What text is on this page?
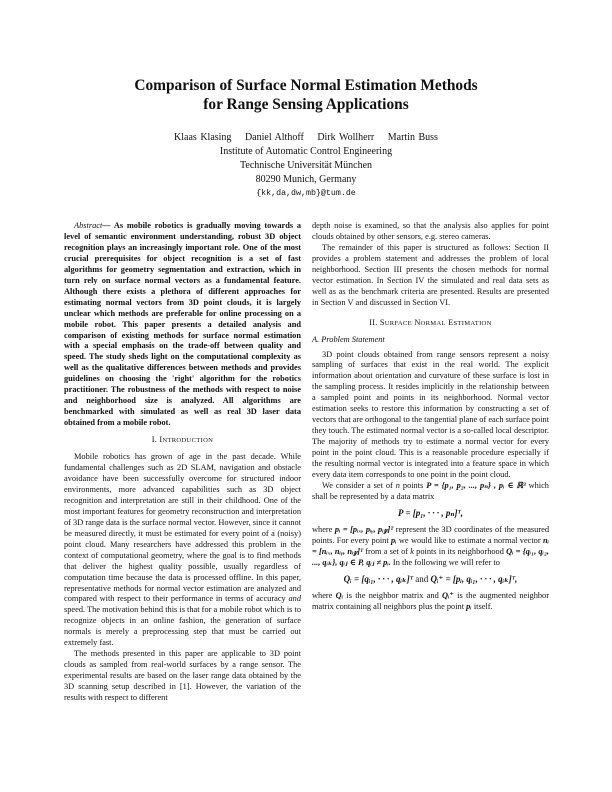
Comparison of Surface Normal Estimation Methods
for Range Sensing Applications
Klaas Klasing Daniel Althoff Dirk Wollherr Martin Buss
Institute of Automatic Control Engineering
Technische Universität München
80290 Munich, Germany
{kk,da,dw,mb}@tum.de

Abstract— As mobile robotics is gradually moving towards a level of semantic environment understanding, robust 3D object recognition plays an increasingly important role. One of the most crucial prerequisites for object recognition is a set of fast algorithms for geometry segmentation and extraction, which in turn rely on surface normal vectors as a fundamental feature. Although there exists a plethora of different approaches for estimating normal vectors from 3D point clouds, it is largely unclear which methods are preferable for online processing on a mobile robot. This paper presents a detailed analysis and comparison of existing methods for surface normal estimation with a special emphasis on the trade-off between quality and speed. The study sheds light on the computational complexity as well as the qualitative differences between methods and provides guidelines on choosing the 'right' algorithm for the robotics practitioner. The robustness of the methods with respect to noise and neighborhood size is analyzed. All algorithms are benchmarked with simulated as well as real 3D laser data obtained from a mobile robot.

I. INTRODUCTION

Mobile robotics has grown of age in the past decade. While fundamental challenges such as 2D SLAM, navigation and obstacle avoidance have been successfully overcome for structured indoor environments, more advanced capabilities such as 3D object recognition and interpretation are still in their childhood. One of the most important features for geometry reconstruction and interpretation of 3D range data is the surface normal vector. However, since it cannot be measured directly, it must be estimated for every point of a (noisy) point cloud. Many researchers have addressed this problem in the context of computational geometry, where the goal is to find methods that deliver the highest quality possible, usually regardless of computation time because the data is processed offline. In this paper, representative methods for normal vector estimation are analyzed and compared with respect to their performance in terms of accuracy and speed. The motivation behind this is that for a mobile robot which is to recognize objects in an online fashion, the generation of surface normals is merely a preprocessing step that must be carried out extremely fast.

The methods presented in this paper are applicable to 3D point clouds as sampled from real-world surfaces by a range sensor. The experimental results are based on the laser range data obtained by the 3D scanning setup described in [1]. However, the variation of the results with respect to different

depth noise is examined, so that the analysis also applies for point clouds obtained by other sensors, e.g. stereo cameras.

The remainder of this paper is structured as follows: Section II provides a problem statement and addresses the problem of local neighborhood. Section III presents the chosen methods for normal vector estimation. In Section IV the simulated and real data sets as well as as the benchmark criteria are presented. Results are presented in Section V and discussed in Section VI.

II. SURFACE NORMAL ESTIMATION
A. Problem Statement

3D point clouds obtained from range sensors represent a noisy sampling of surfaces that exist in the real world. The explicit information about orientation and curvature of these surface is lost in the sampling process. It resides implicitly in the relationship between a sampled point and points in its neighborhood. Normal vector estimation seeks to restore this information by constructing a set of vectors that are orthogonal to the tangential plane of each surface point they touch. The estimated normal vector is a so-called local descriptor. The majority of methods try to estimate a normal vector for every point in the point cloud. This is a reasonable procedure especially if the resulting normal vector is integrated into a feature space in which every data item corresponds to one point in the point cloud.

We consider a set of n points P = {p₁, p₂, ..., pₙ} , pᵢ ∈ ℝ³ which shall be represented by a data matrix

P = [p₁, · · · , pₙ]ᵀ,

where pᵢ = [pᵢₓ, pᵢᵧ, pᵢ𝓏]ᵀ represent the 3D coordinates of the measured points. For every point pᵢ we would like to estimate a normal vector nᵢ = [nᵢₓ, nᵢᵧ, nᵢ𝓏]ᵀ from a set of k points in its neighborhood Qᵢ = {qᵢ₁, qᵢ₂, ..., qᵢₖ}, qᵢⱼ ∈ P, qᵢⱼ ≠ pᵢ. In the following we will refer to

Qᵢ = [qᵢ₁, · · · , qᵢₖ]ᵀ and Qᵢ⁺ = [pᵢ, qᵢ₁, · · · , qᵢₖ]ᵀ,

where Qᵢ is the neighbor matrix and Qᵢ⁺ is the augmented neighbor matrix containing all neighbors plus the point pᵢ itself.
